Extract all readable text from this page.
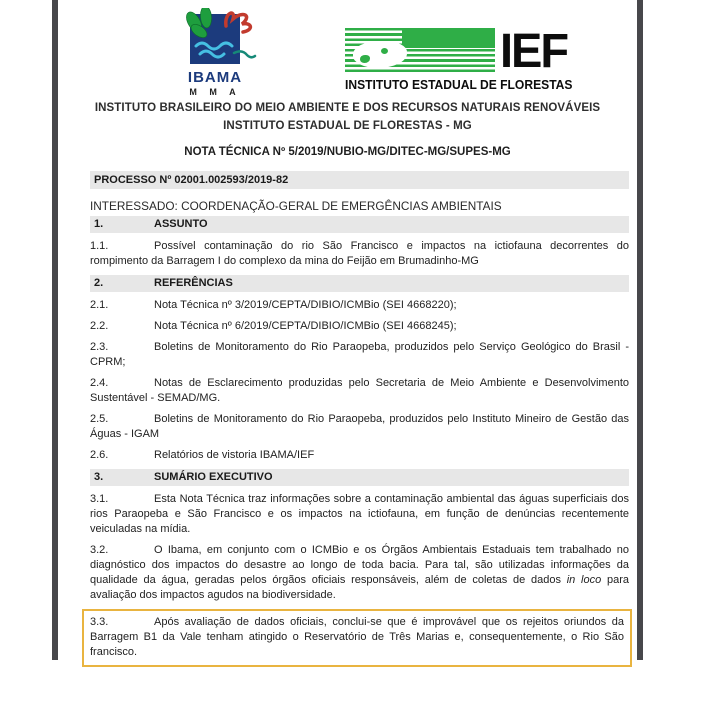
IBAMA
M M A
IEF
INSTITUTO ESTADUAL DE FLORESTAS
INSTITUTO BRASILEIRO DO MEIO AMBIENTE E DOS RECURSOS NATURAIS RENOVÁVEIS
INSTITUTO ESTADUAL DE FLORESTAS - MG
NOTA TÉCNICA Nº 5/2019/NUBIO-MG/DITEC-MG/SUPES-MG
PROCESSO Nº 02001.002593/2019-82
INTERESSADO: COORDENAÇÃO-GERAL DE EMERGÊNCIAS AMBIENTAIS
1.	ASSUNTO

1.1.	Possível contaminação do rio São Francisco e impactos na ictiofauna decorrentes do rompimento da Barragem I do complexo da mina do Feijão em Brumadinho-MG

2.	REFERÊNCIAS

2.1.	Nota Técnica nº 3/2019/CEPTA/DIBIO/ICMBio (SEI 4668220);

2.2.	Nota Técnica nº 6/2019/CEPTA/DIBIO/ICMBio (SEI 4668245);

2.3.	Boletins de Monitoramento do Rio Paraopeba, produzidos pelo Serviço Geológico do Brasil - CPRM;

2.4.	Notas de Esclarecimento produzidas pelo Secretaria de Meio Ambiente e Desenvolvimento Sustentável - SEMAD/MG.

2.5.	Boletins de Monitoramento do Rio Paraopeba, produzidos pelo Instituto Mineiro de Gestão das Águas - IGAM

2.6.	Relatórios de vistoria IBAMA/IEF

3.	SUMÁRIO EXECUTIVO

3.1.	Esta Nota Técnica traz informações sobre a contaminação ambiental das águas superficiais dos rios Paraopeba e São Francisco e os impactos na ictiofauna, em função de denúncias recentemente veiculadas na mídia.

3.2.	O Ibama, em conjunto com o ICMBio e os Órgãos Ambientais Estaduais tem trabalhado no diagnóstico dos impactos do desastre ao longo de toda bacia. Para tal, são utilizadas informações da qualidade da água, geradas pelos órgãos oficiais responsáveis, além de coletas de dados in loco para avaliação dos impactos agudos na biodiversidade.

3.3.	Após avaliação de dados oficiais, conclui-se que é improvável que os rejeitos oriundos da Barragem B1 da Vale tenham atingido o Reservatório de Três Marias e, consequentemente, o Rio São francisco.
